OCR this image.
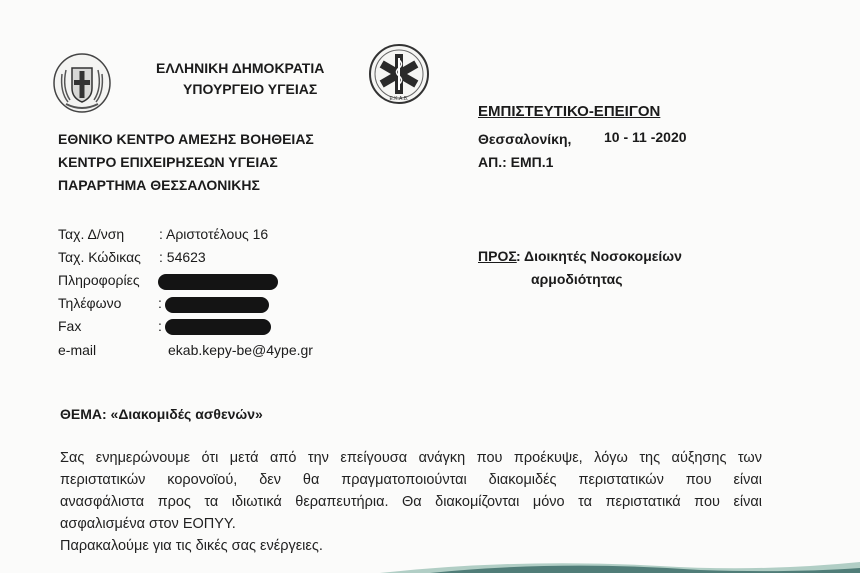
ΕΛΛΗΝΙΚΗ ΔΗΜΟΚΡΑΤΙΑ
ΥΠΟΥΡΓΕΙΟ ΥΓΕΙΑΣ
Ε.Κ.Α.Β.
ΕΜΠΙΣΤΕΥΤΙΚΟ-ΕΠΕΙΓΟΝ
ΕΘΝΙΚΟ ΚΕΝΤΡΟ ΑΜΕΣΗΣ ΒΟΗΘΕΙΑΣ
ΚΕΝΤΡΟ ΕΠΙΧΕΙΡΗΣΕΩΝ ΥΓΕΙΑΣ
ΠΑΡΑΡΤΗΜΑ ΘΕΣΣΑΛΟΝΙΚΗΣ
Θεσσαλονίκη, 10 - 11 -2020
ΑΠ.: ΕΜΠ.1
Ταχ. Δ/νση : Αριστοτέλους 16
Ταχ. Κώδικας : 54623
Πληροφορίες
Τηλέφωνο	:
Fax	:
e-mail	ekab.kepy-be@4ype.gr
ΠΡΟΣ : Διοικητές Νοσοκομείων
αρμοδιότητας
ΘΕΜΑ: «Διακομιδές ασθενών»

Σας ενημερώνουμε ότι μετά από την επείγουσα ανάγκη που προέκυψε, λόγω της αύξησης των

περιστατικών κορονοϊού, δεν θα πραγματοποιούνται διακομιδές περιστατικών που είναι

ανασφάλιστα προς τα ιδιωτικά θεραπευτήρια. Θα διακομίζονται μόνο τα περιστατικά που είναι

ασφαλισμένα στον ΕΟΠΥΥ.

Παρακαλούμε για τις δικές σας ενέργειες.
